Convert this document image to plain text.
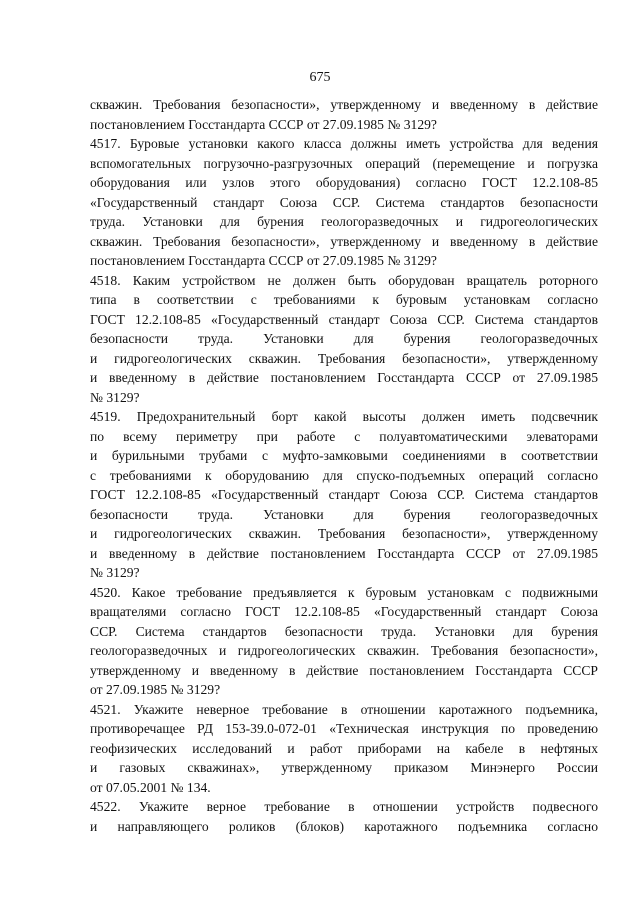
675
скважин. Требования безопасности», утвержденному и введенному в действие
постановлением Госстандарта СССР от 27.09.1985 № 3129?
4517. Буровые установки какого класса должны иметь устройства для ведения
вспомогательных погрузочно-разгрузочных операций (перемещение и погрузка
оборудования или узлов этого оборудования) согласно ГОСТ 12.2.108-85
«Государственный стандарт Союза ССР. Система стандартов безопасности
труда. Установки для бурения геологоразведочных и гидрогеологических
скважин. Требования безопасности», утвержденному и введенному в действие
постановлением Госстандарта СССР от 27.09.1985 № 3129?
4518. Каким устройством не должен быть оборудован вращатель роторного
типа в соответствии с требованиями к буровым установкам согласно
ГОСТ 12.2.108-85 «Государственный стандарт Союза ССР. Система стандартов
безопасности труда. Установки для бурения геологоразведочных
и гидрогеологических скважин. Требования безопасности», утвержденному
и введенному в действие постановлением Госстандарта СССР от 27.09.1985
№ 3129?
4519. Предохранительный борт какой высоты должен иметь подсвечник
по всему периметру при работе с полуавтоматическими элеваторами
и бурильными трубами с муфто-замковыми соединениями в соответствии
с требованиями к оборудованию для спуско-подъемных операций согласно
ГОСТ 12.2.108-85 «Государственный стандарт Союза ССР. Система стандартов
безопасности труда. Установки для бурения геологоразведочных
и гидрогеологических скважин. Требования безопасности», утвержденному
и введенному в действие постановлением Госстандарта СССР от 27.09.1985
№ 3129?
4520. Какое требование предъявляется к буровым установкам с подвижными
вращателями согласно ГОСТ 12.2.108-85 «Государственный стандарт Союза
ССР. Система стандартов безопасности труда. Установки для бурения
геологоразведочных и гидрогеологических скважин. Требования безопасности»,
утвержденному и введенному в действие постановлением Госстандарта СССР
от 27.09.1985 № 3129?
4521. Укажите неверное требование в отношении каротажного подъемника,
противоречащее РД 153-39.0-072-01 «Техническая инструкция по проведению
геофизических исследований и работ приборами на кабеле в нефтяных
и газовых скважинах», утвержденному приказом Минэнерго России
от 07.05.2001 № 134.
4522. Укажите верное требование в отношении устройств подвесного
и направляющего роликов (блоков) каротажного подъемника согласно
